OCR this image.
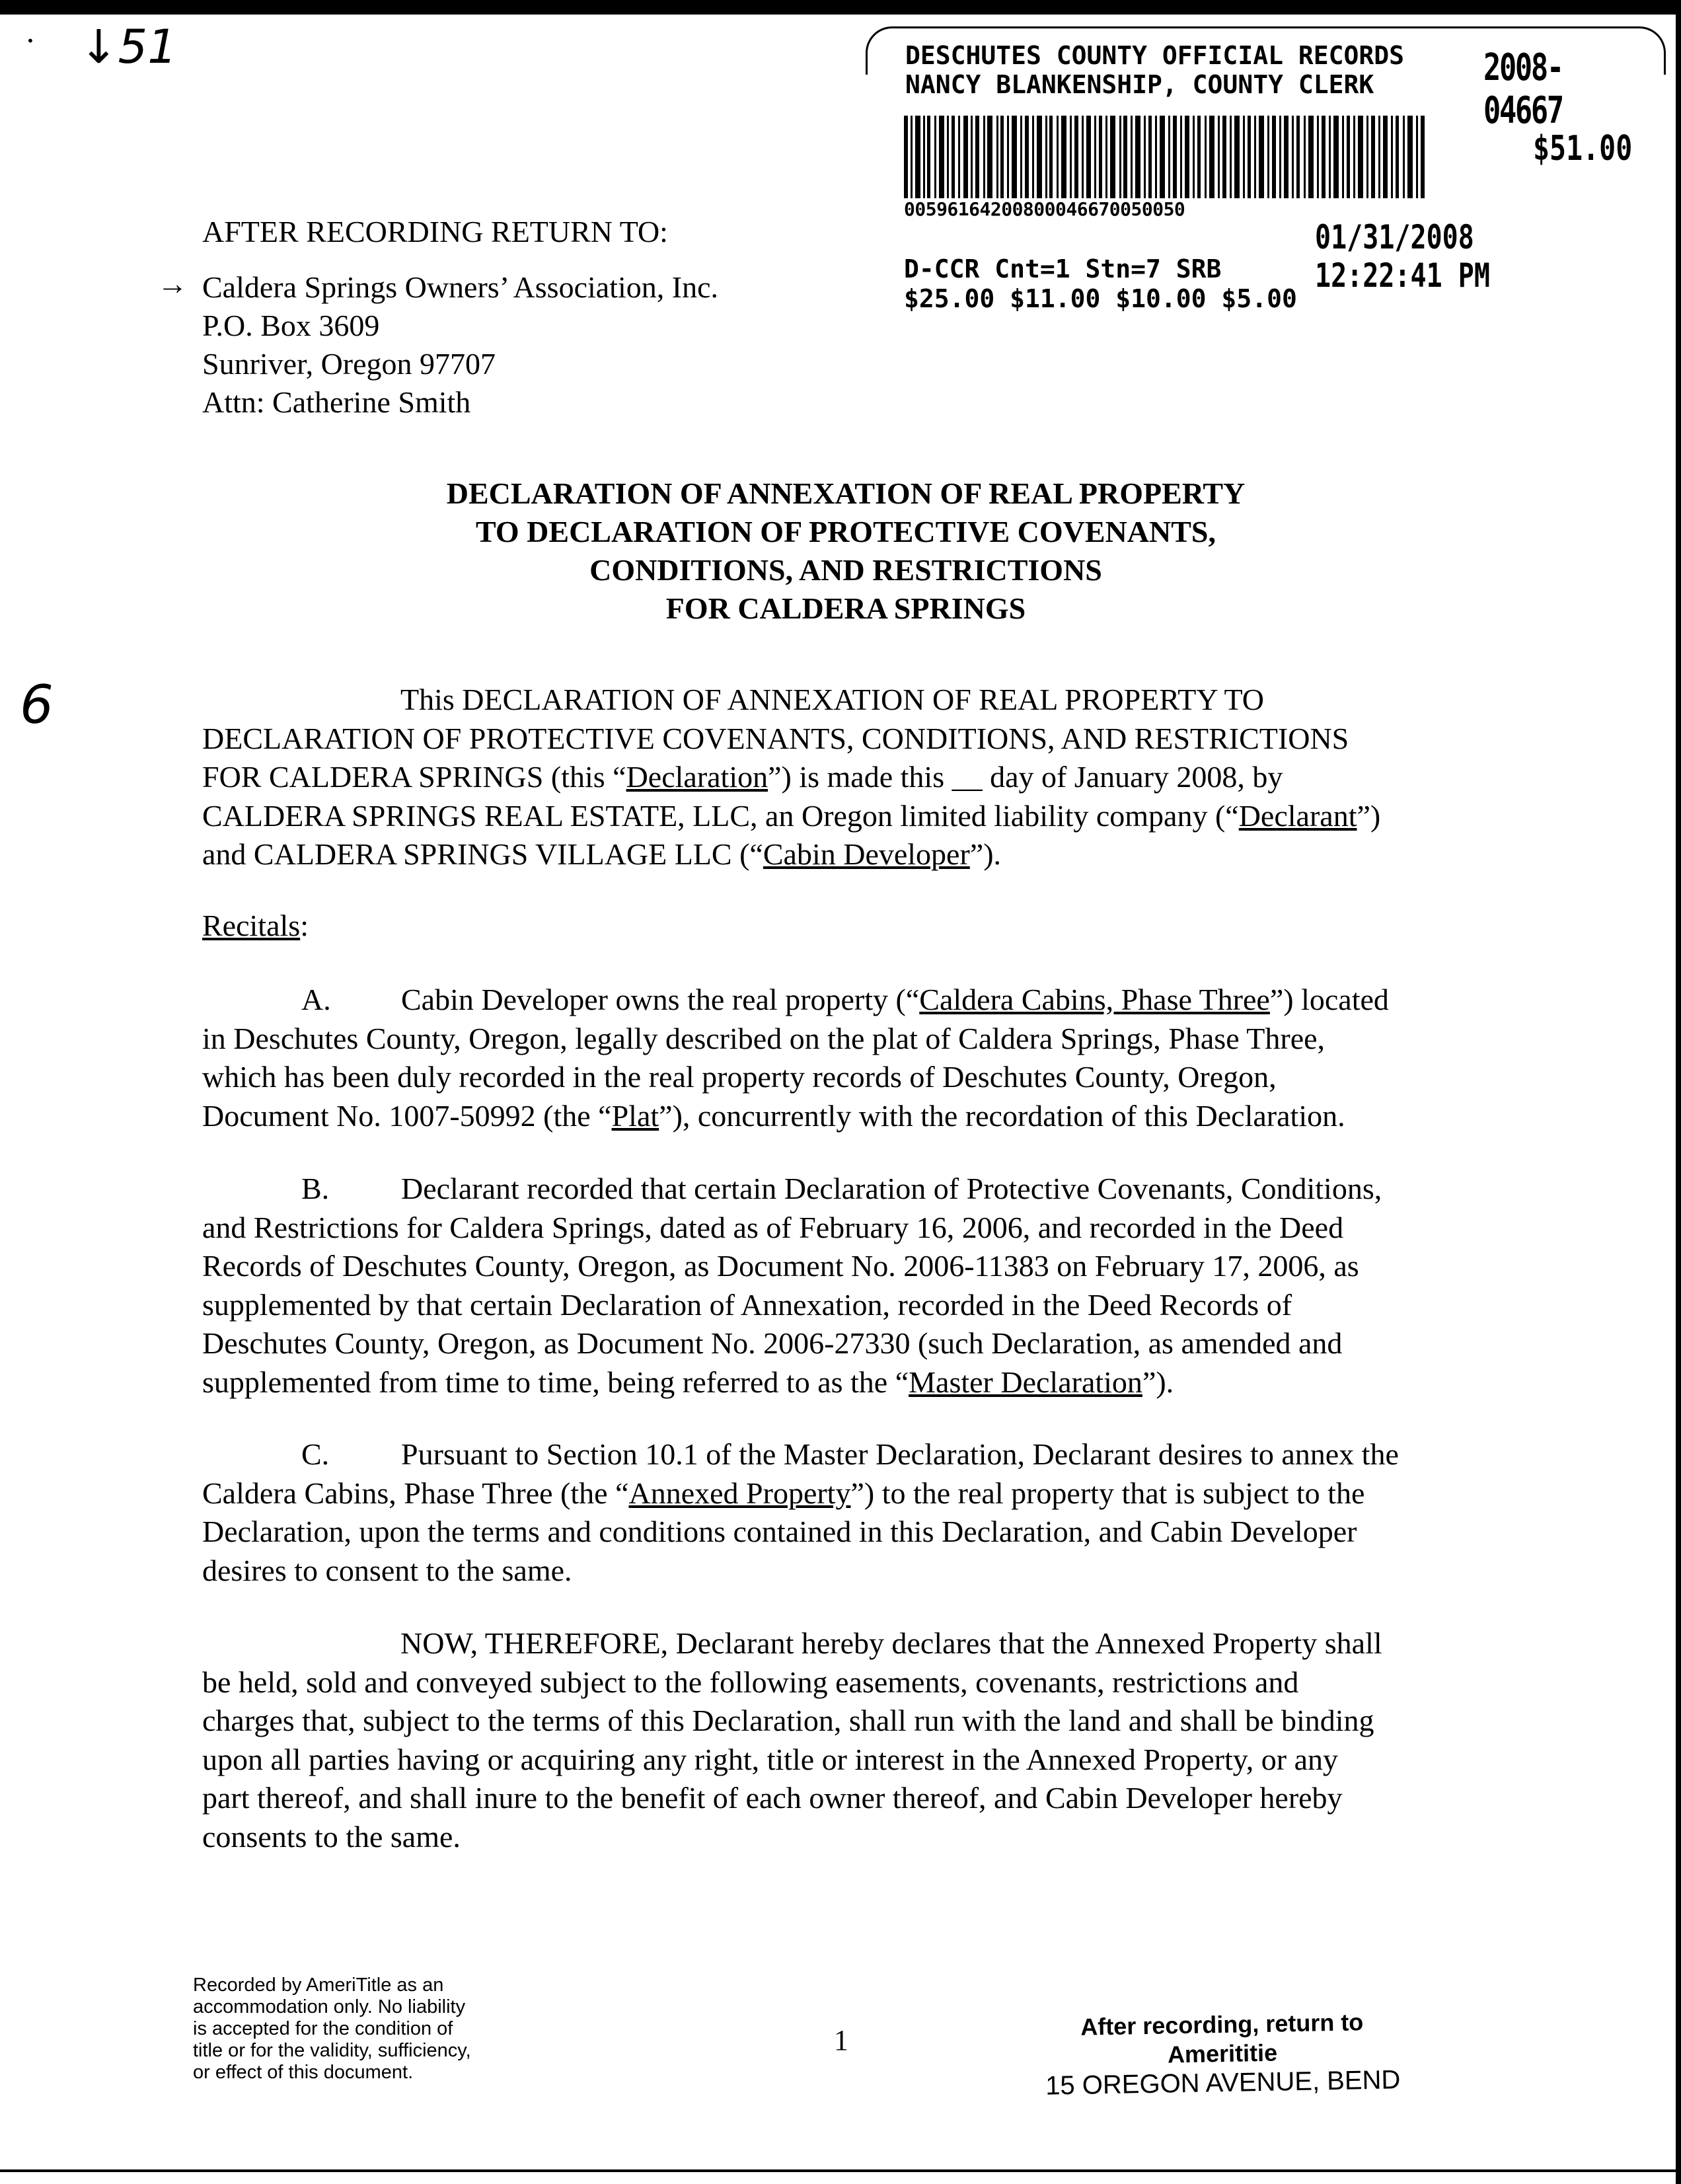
• ↓51
6
DESCHUTES COUNTY OFFICIAL RECORDS
NANCY BLANKENSHIP, COUNTY CLERK	2008-04667
$51.00
00596164200800046670050050
01/31/2008 12:22:41 PM
D-CCR Cnt=1 Stn=7 SRB
$25.00 $11.00 $10.00 $5.00
AFTER RECORDING RETURN TO:
→ Caldera Springs Owners’ Association, Inc.
P.O. Box 3609
Sunriver, Oregon 97707
Attn: Catherine Smith
DECLARATION OF ANNEXATION OF REAL PROPERTY
TO DECLARATION OF PROTECTIVE COVENANTS,
CONDITIONS, AND RESTRICTIONS
FOR CALDERA SPRINGS
This DECLARATION OF ANNEXATION OF REAL PROPERTY TO
DECLARATION OF PROTECTIVE COVENANTS, CONDITIONS, AND RESTRICTIONS
FOR CALDERA SPRINGS (this “Declaration”) is made this __ day of January 2008, by
CALDERA SPRINGS REAL ESTATE, LLC, an Oregon limited liability company (“Declarant”)
and CALDERA SPRINGS VILLAGE LLC (“Cabin Developer”).
Recitals:
A. Cabin Developer owns the real property (“Caldera Cabins, Phase Three”) located
in Deschutes County, Oregon, legally described on the plat of Caldera Springs, Phase Three,
which has been duly recorded in the real property records of Deschutes County, Oregon,
Document No. 1007-50992 (the “Plat”), concurrently with the recordation of this Declaration.
B. Declarant recorded that certain Declaration of Protective Covenants, Conditions,
and Restrictions for Caldera Springs, dated as of February 16, 2006, and recorded in the Deed
Records of Deschutes County, Oregon, as Document No. 2006-11383 on February 17, 2006, as
supplemented by that certain Declaration of Annexation, recorded in the Deed Records of
Deschutes County, Oregon, as Document No. 2006-27330 (such Declaration, as amended and
supplemented from time to time, being referred to as the “Master Declaration”).
C. Pursuant to Section 10.1 of the Master Declaration, Declarant desires to annex the
Caldera Cabins, Phase Three (the “Annexed Property”) to the real property that is subject to the
Declaration, upon the terms and conditions contained in this Declaration, and Cabin Developer
desires to consent to the same.
NOW, THEREFORE, Declarant hereby declares that the Annexed Property shall
be held, sold and conveyed subject to the following easements, covenants, restrictions and
charges that, subject to the terms of this Declaration, shall run with the land and shall be binding
upon all parties having or acquiring any right, title or interest in the Annexed Property, or any
part thereof, and shall inure to the benefit of each owner thereof, and Cabin Developer hereby
consents to the same.
Recorded by AmeriTitle as an
accommodation only. No liability
is accepted for the condition of
title or for the validity, sufficiency,
or effect of this document.
1	After recording, return to
Amerititie
15 OREGON AVENUE, BEND
